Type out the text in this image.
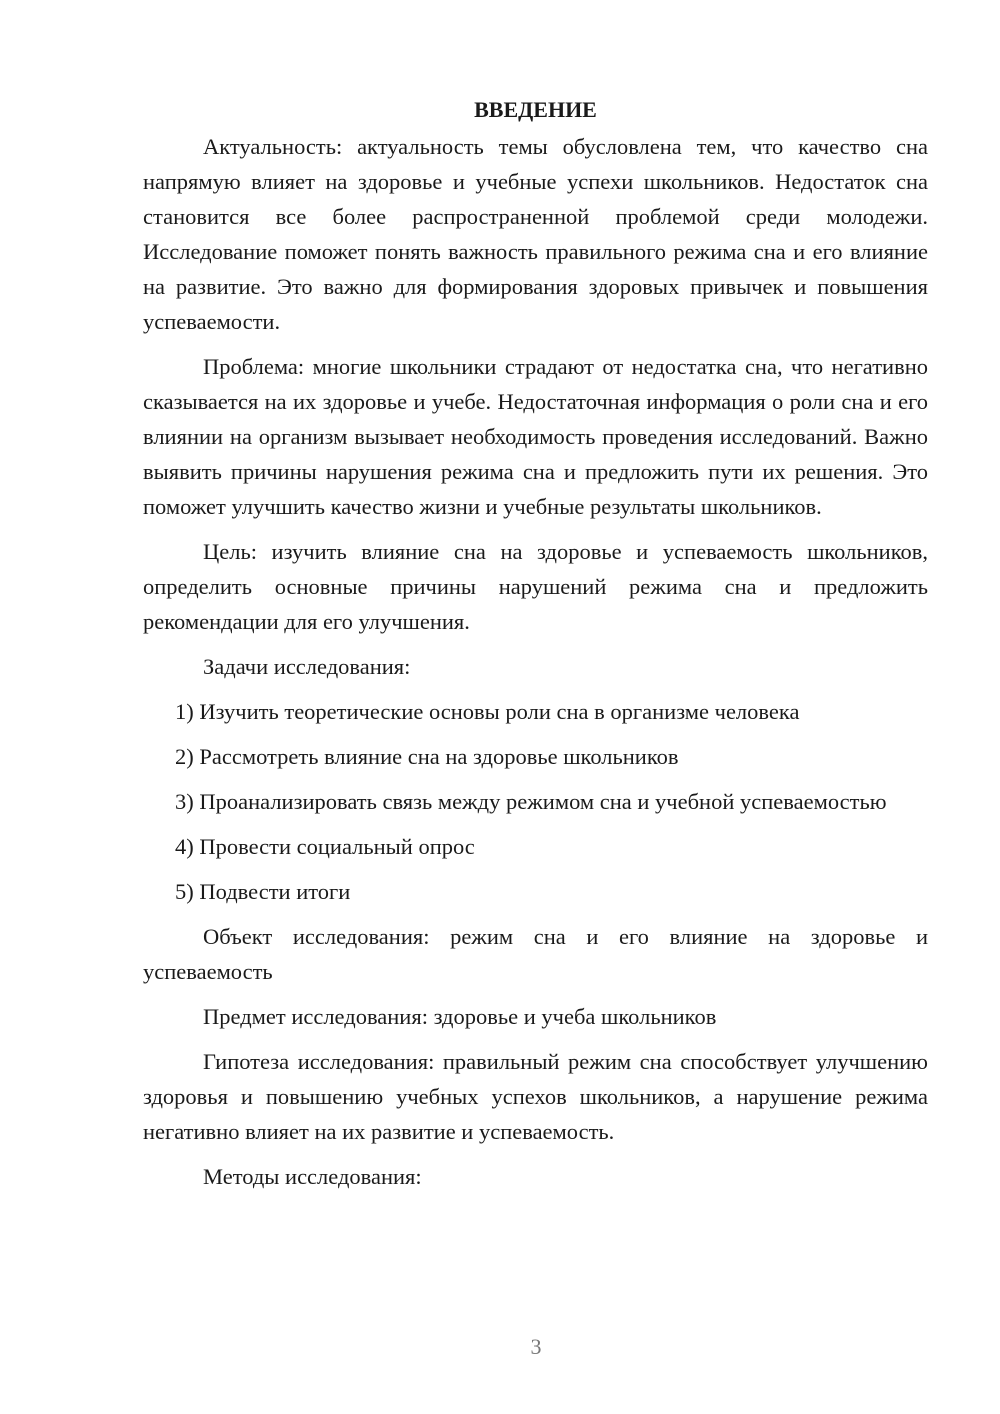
ВВЕДЕНИЕ

Актуальность: актуальность темы обусловлена тем, что качество сна напрямую влияет на здоровье и учебные успехи школьников. Недостаток сна становится все более распространенной проблемой среди молодежи. Исследование поможет понять важность правильного режима сна и его влияние на развитие. Это важно для формирования здоровых привычек и повышения успеваемости.

Проблема: многие школьники страдают от недостатка сна, что негативно сказывается на их здоровье и учебе. Недостаточная информация о роли сна и его влиянии на организм вызывает необходимость проведения исследований. Важно выявить причины нарушения режима сна и предложить пути их решения. Это поможет улучшить качество жизни и учебные результаты школьников.

Цель: изучить влияние сна на здоровье и успеваемость школьников, определить основные причины нарушений режима сна и предложить рекомендации для его улучшения.

Задачи исследования:

1) Изучить теоретические основы роли сна в организме человека

2) Рассмотреть влияние сна на здоровье школьников

3) Проанализировать связь между режимом сна и учебной успеваемостью

4) Провести социальный опрос

5) Подвести итоги

Объект исследования: режим сна и его влияние на здоровье и успеваемость

Предмет исследования: здоровье и учеба школьников

Гипотеза исследования: правильный режим сна способствует улучшению здоровья и повышению учебных успехов школьников, а нарушение режима негативно влияет на их развитие и успеваемость.

Методы исследования:

3
